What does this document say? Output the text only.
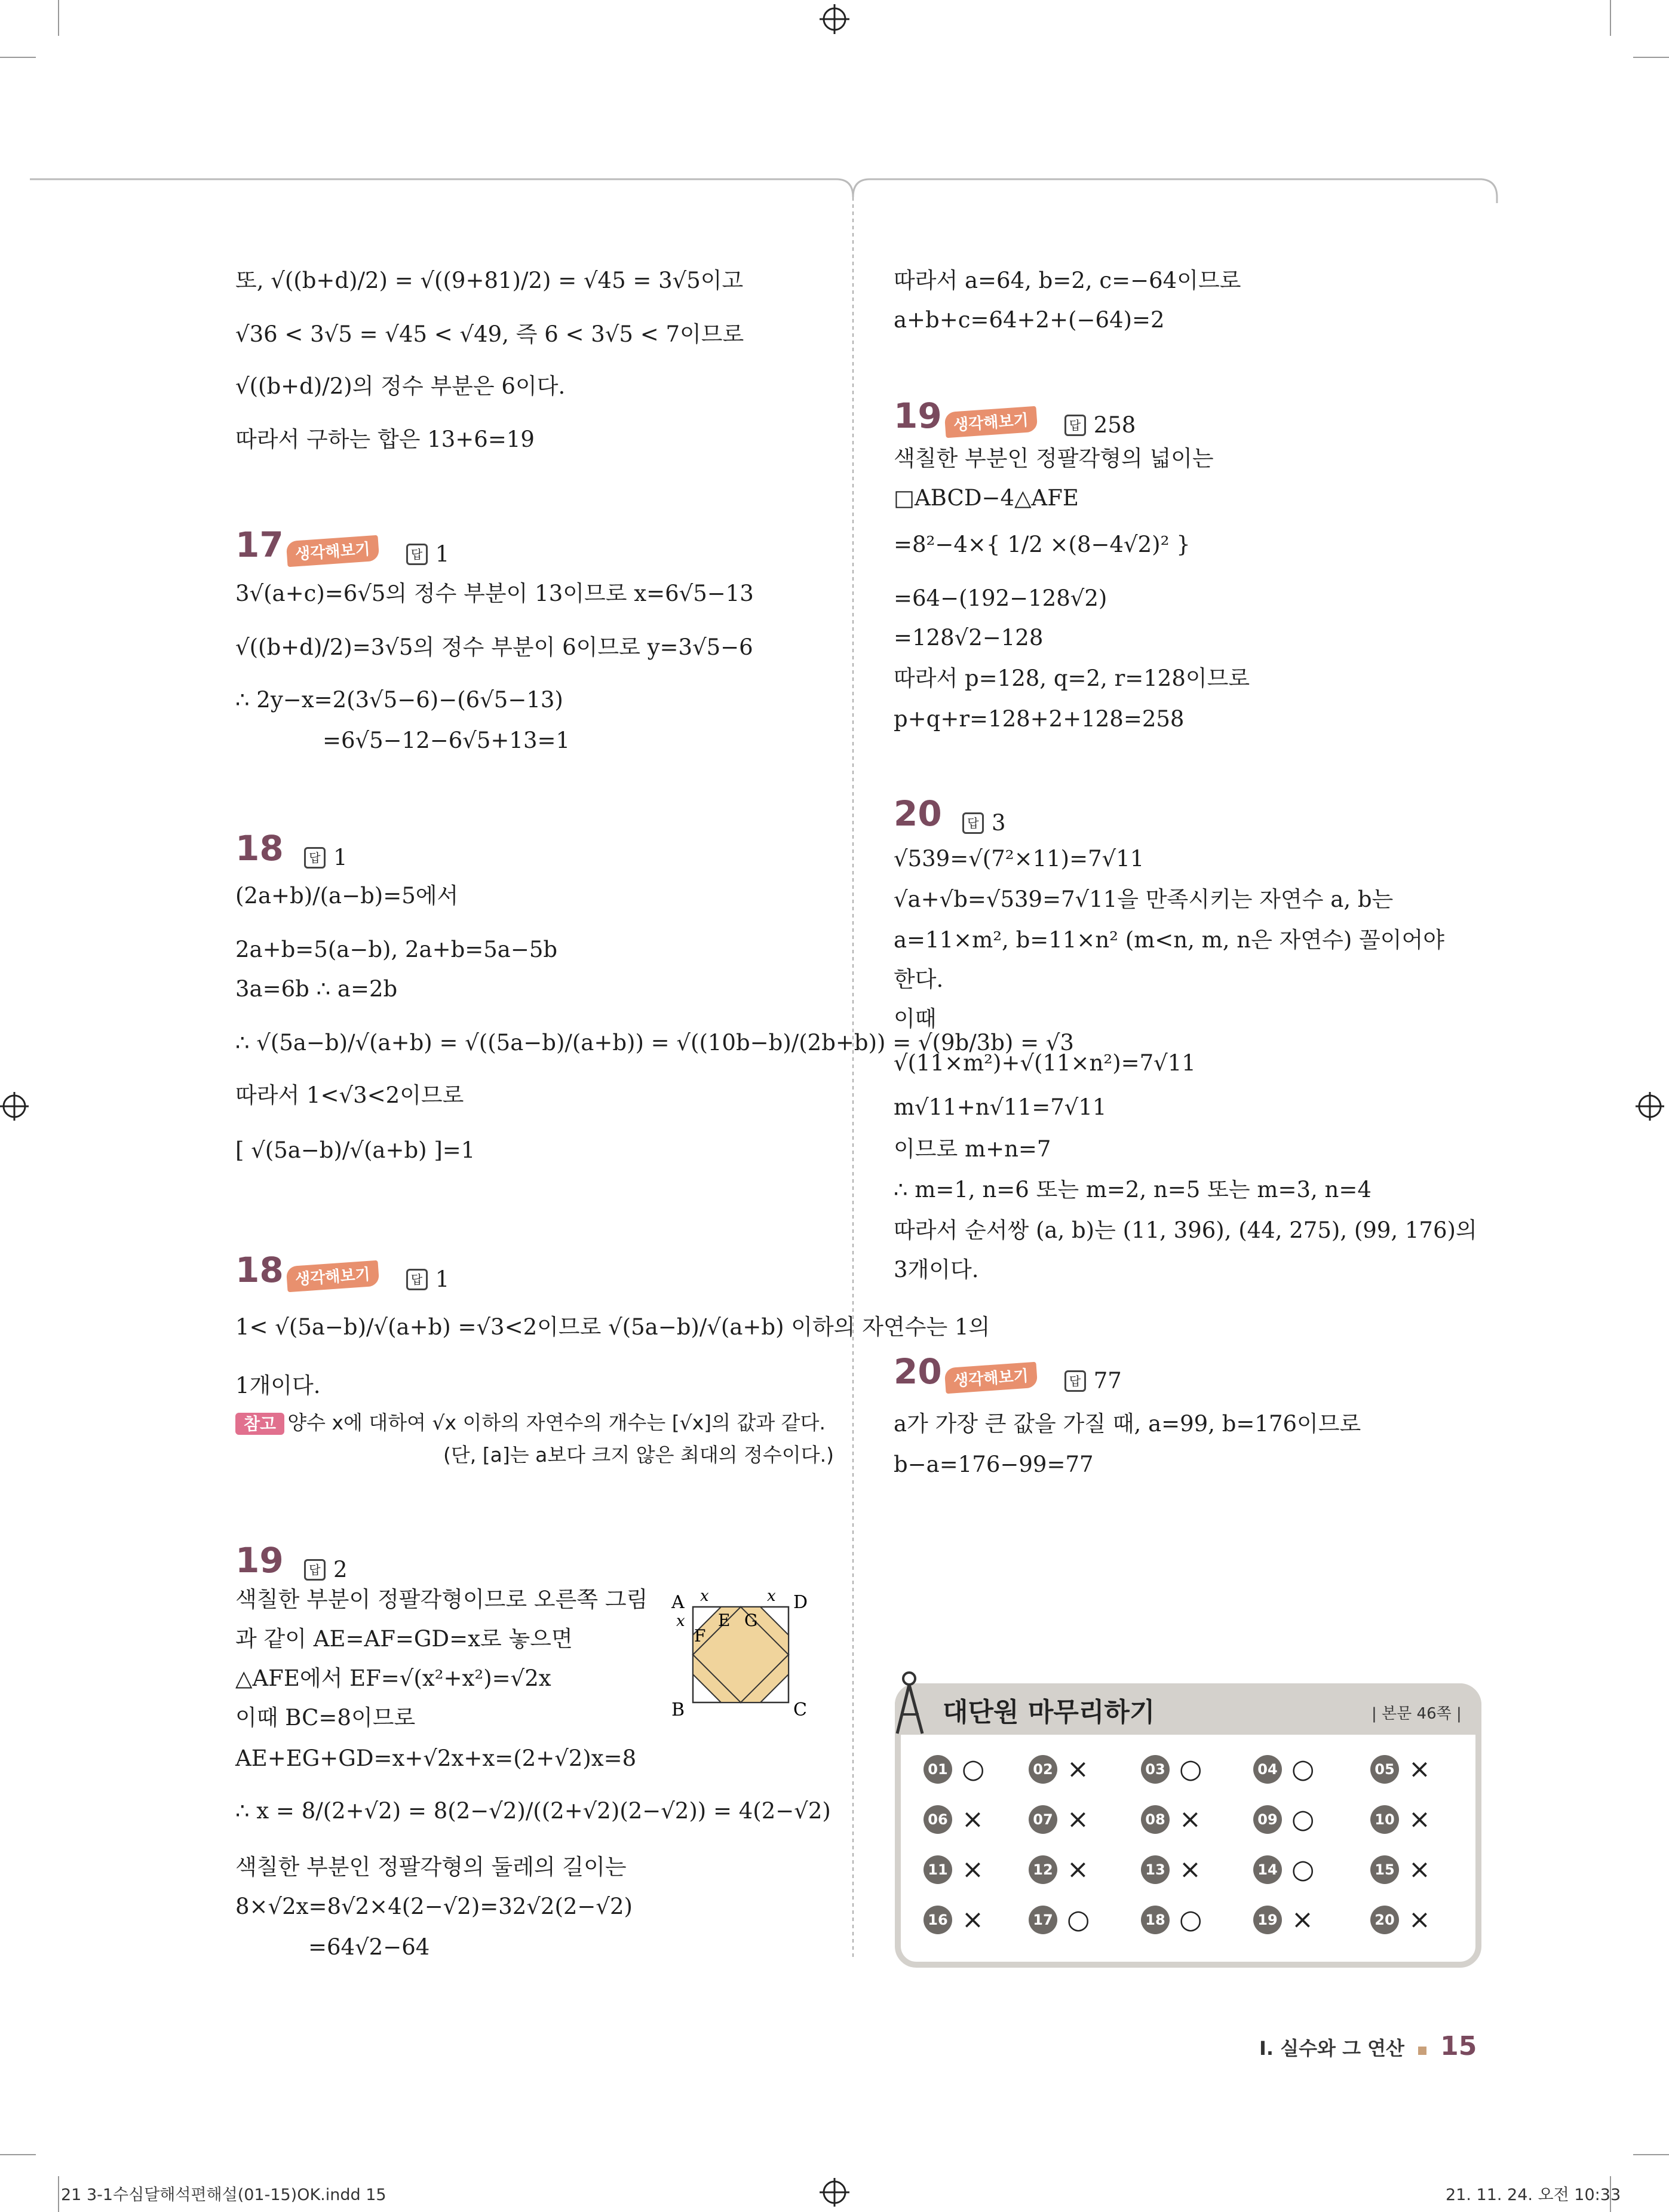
또, √((b+d)/2) = √((9+81)/2) = √45 = 3√5이고
√36 < 3√5 = √45 < √49, 즉 6 < 3√5 < 7이므로
√((b+d)/2)의 정수 부분은 6이다.
따라서 구하는 합은 13+6=19
17 생각해보기	답 1
3√(a+c)=6√5의 정수 부분이 13이므로 x=6√5−13
√((b+d)/2)=3√5의 정수 부분이 6이므로 y=3√5−6
∴ 2y−x=2(3√5−6)−(6√5−13)
=6√5−12−6√5+13=1
18 답 1
(2a+b)/(a−b)=5에서
2a+b=5(a−b), 2a+b=5a−5b
3a=6b ∴ a=2b
∴ √(5a−b)/√(a+b) = √((5a−b)/(a+b)) = √((10b−b)/(2b+b)) = √(9b/3b) = √3
따라서 1<√3<2이므로
[ √(5a−b)/√(a+b) ]=1
18 생각해보기	답 1
1< √(5a−b)/√(a+b) =√3<2이므로 √(5a−b)/√(a+b) 이하의 자연수는 1의
1개이다.
참고 양수 x에 대하여 √x 이하의 자연수의 개수는 [√x]의 값과 같다.
(단, [a]는 a보다 크지 않은 최대의 정수이다.)
19 답 2
색칠한 부분이 정팔각형이므로 오른쪽 그림
과 같이 AE=AF=GD=x로 놓으면
△AFE에서 EF=√(x²+x²)=√2x
이때 BC=8이므로
AE+EG+GD=x+√2x+x=(2+√2)x=8
∴ x = 8/(2+√2) = 8(2−√2)/((2+√2)(2−√2)) = 4(2−√2)
색칠한 부분인 정팔각형의 둘레의 길이는
8×√2x=8√2×4(2−√2)=32√2(2−√2)
=64√2−64
A	D
B	C
E G
F
x	x
x
따라서 a=64, b=2, c=−64이므로
a+b+c=64+2+(−64)=2
19 생각해보기	답 258
색칠한 부분인 정팔각형의 넓이는
□ABCD−4△AFE
=8²−4×{ 1/2 ×(8−4√2)² }
=64−(192−128√2)
=128√2−128
따라서 p=128, q=2, r=128이므로
p+q+r=128+2+128=258
20 답 3
√539=√(7²×11)=7√11
√a+√b=√539=7√11을 만족시키는 자연수 a, b는
a=11×m², b=11×n² (m<n, m, n은 자연수) 꼴이어야
한다.
이때
√(11×m²)+√(11×n²)=7√11
m√11+n√11=7√11
이므로 m+n=7
∴ m=1, n=6 또는 m=2, n=5 또는 m=3, n=4
따라서 순서쌍 (a, b)는 (11, 396), (44, 275), (99, 176)의
3개이다.
20 생각해보기	답 77
a가 가장 큰 값을 가질 때, a=99, b=176이므로
b−a=176−99=77
대단원 마무리하기	| 본문 46쪽 |
01 ○	02 ×	03 ○	04 ○	05 ×
06 ×	07 ×	08 ×	09 ○	10 ×
11 ×	12 ×	13 ×	14 ○	15 ×
16 ×	17 ○	18 ○	19 ×	20 ×
I. 실수와 그 연산 15
21 3-1수심달해석편해설(01-15)OK.indd 15	21. 11. 24. 오전 10:33
